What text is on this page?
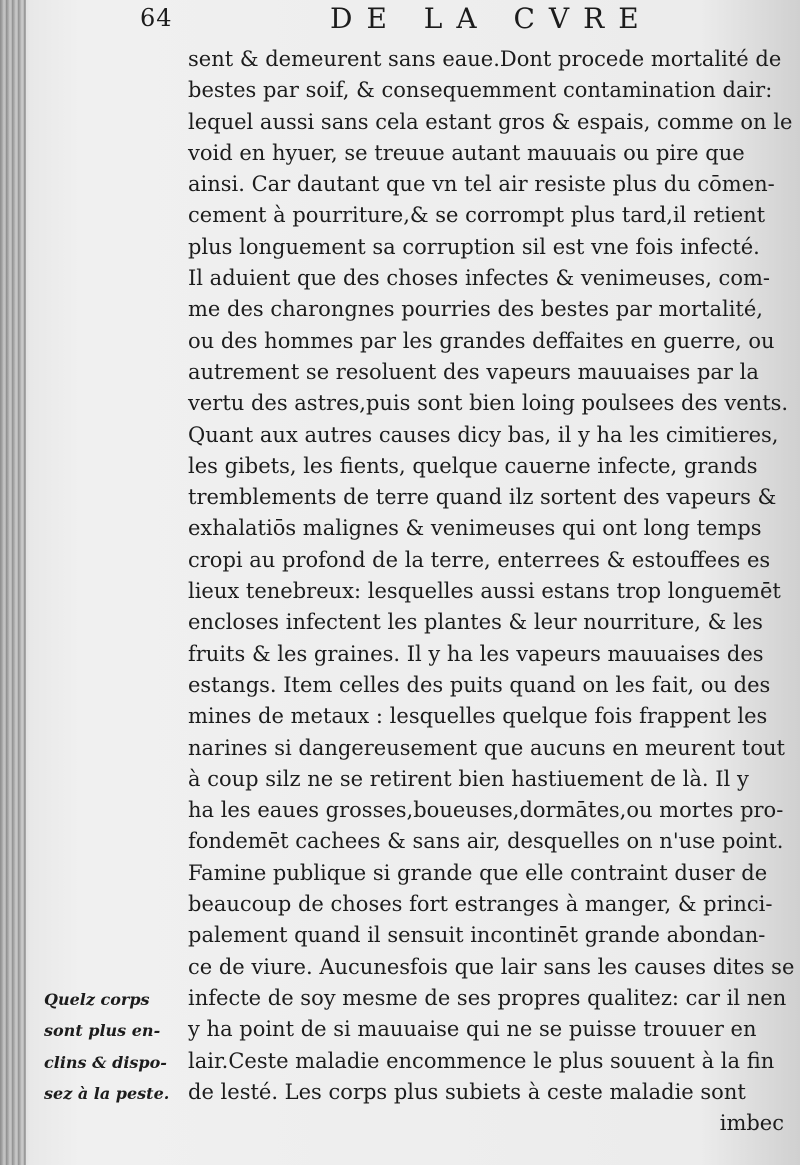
64	DE LA CVRE
sent & demeurent sans eaue.Dont procede mortalité de
bestes par soif, & consequemment contamination dair:
lequel aussi sans cela estant gros & espais, comme on le
void en hyuer, se treuue autant mauuais ou pire que
ainsi. Car dautant que vn tel air resiste plus du cōmen-
cement à pourriture,& se corrompt plus tard,il retient
plus longuement sa corruption sil est vne fois infecté.
Il aduient que des choses infectes & venimeuses, com-
me des charongnes pourries des bestes par mortalité,
ou des hommes par les grandes deffaites en guerre, ou
autrement se resoluent des vapeurs mauuaises par la
vertu des astres,puis sont bien loing poulsees des vents.
Quant aux autres causes dicy bas, il y ha les cimitieres,
les gibets, les fients, quelque cauerne infecte, grands
tremblements de terre quand ilz sortent des vapeurs &
exhalatiōs malignes & venimeuses qui ont long temps
cropi au profond de la terre, enterrees & estouffees es
lieux tenebreux: lesquelles aussi estans trop longuemēt
encloses infectent les plantes & leur nourriture, & les
fruits & les graines. Il y ha les vapeurs mauuaises des
estangs. Item celles des puits quand on les fait, ou des
mines de metaux : lesquelles quelque fois frappent les
narines si dangereusement que aucuns en meurent tout
à coup silz ne se retirent bien hastiuement de là. Il y
ha les eaues grosses,boueuses,dormātes,ou mortes pro-
fondemēt cachees & sans air, desquelles on n'use point.
Famine publique si grande que elle contraint duser de
beaucoup de choses fort estranges à manger, & princi-
palement quand il sensuit incontinēt grande abondan-
ce de viure. Aucunesfois que lair sans les causes dites se
infecte de soy mesme de ses propres qualitez: car il nen
y ha point de si mauuaise qui ne se puisse trouuer en
lair.Ceste maladie encommence le plus souuent à la fin
de lesté. Les corps plus subiets à ceste maladie sont
imbec
Quelz corps
sont plus en-
clins & dispo-
sez à la peste.
